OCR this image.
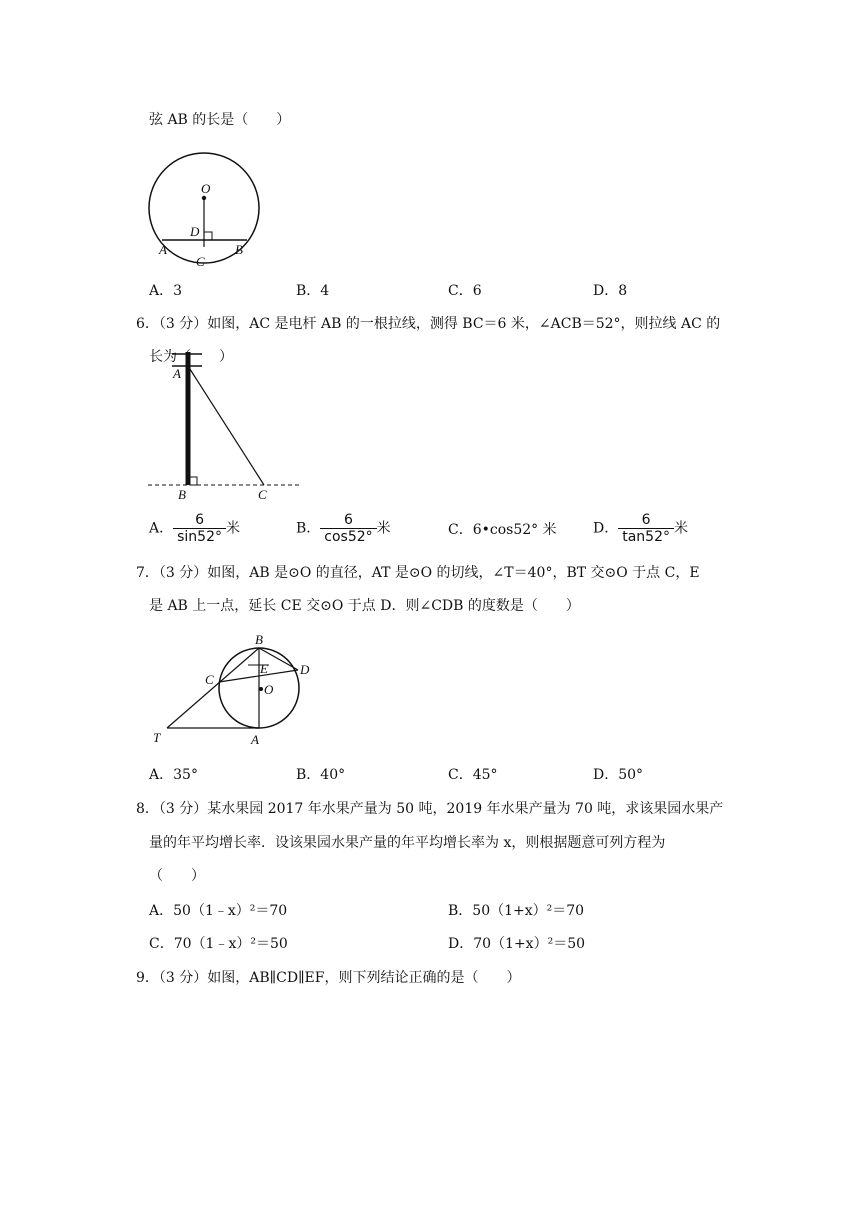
弦 AB 的长是（　　）
O
D
A	B
C
A．3	B．4	C．6	D．8
6．（3 分）如图，AC 是电杆 AB 的一根拉线，测得 BC＝6 米，∠ACB＝52°，则拉线 AC 的
长为（　　）
A
B	C
A． $\frac{6}{\sin 52^\circ}$ 米	B． $\frac{6}{\cos 52^\circ}$ 米	C．6•cos52° 米	D． $\frac{6}{\tan 52^\circ}$ 米
7．（3 分）如图，AB 是⊙O 的直径，AT 是⊙O 的切线，∠T＝40°，BT 交⊙O 于点 C，E
是 AB 上一点，延长 CE 交⊙O 于点 D．则∠CDB 的度数是（　　）
B
E D
C
O
T	A
A．35°	B．40°	C．45°	D．50°
8．（3 分）某水果园 2017 年水果产量为 50 吨，2019 年水果产量为 70 吨，求该果园水果产
量的年平均增长率．设该果园水果产量的年平均增长率为 x，则根据题意可列方程为
（　　）
A．50（1﹣x）²＝70	B．50（1+x）²＝70
C．70（1﹣x）²＝50	D．70（1+x）²＝50
9．（3 分）如图，AB∥CD∥EF，则下列结论正确的是（　　）
